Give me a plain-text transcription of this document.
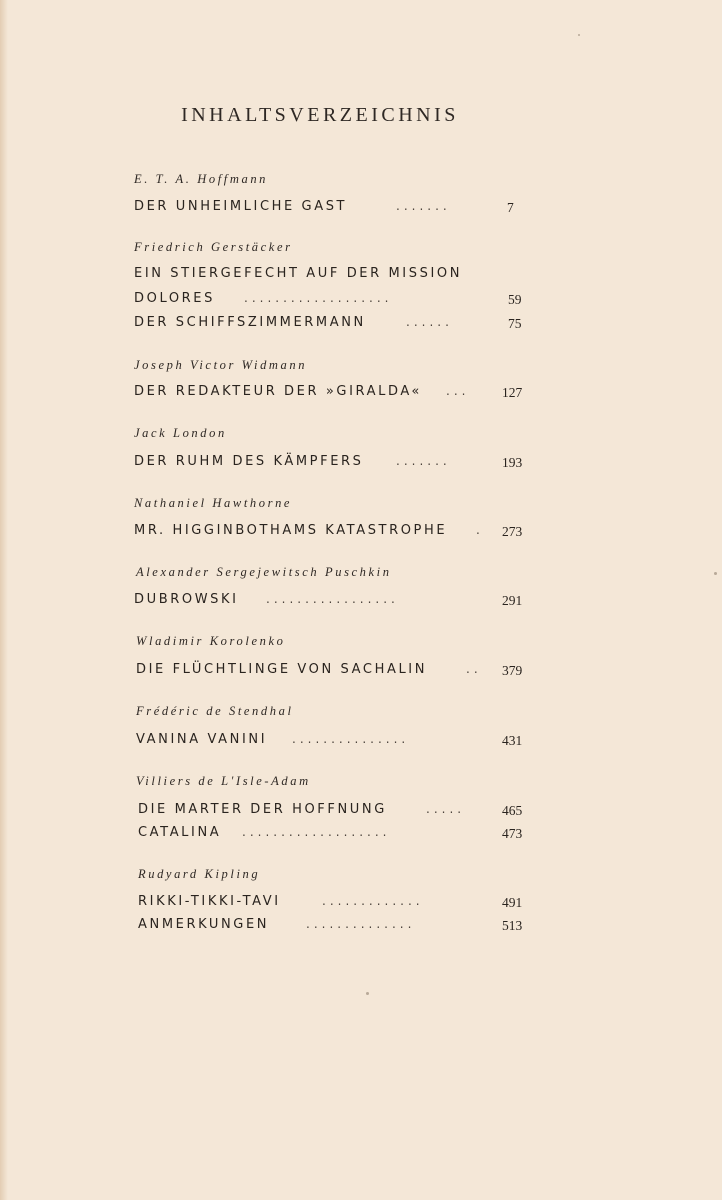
INHALTSVERZEICHNIS
E. T. A. Hoffmann
DER UNHEIMLICHE GAST	.......	7
Friedrich Gerstäcker
EIN STIERGEFECHT AUF DER MISSION
DOLORES ...................	59
DER SCHIFFSZIMMERMANN	......	75
Joseph Victor Widmann
DER REDAKTEUR DER »GIRALDA« ...	127
Jack London
DER RUHM DES KÄMPFERS	.......	193
Nathaniel Hawthorne
MR. HIGGINBOTHAMS KATASTROPHE .	273
Alexander Sergejewitsch Puschkin
DUBROWSKI .................	291
Wladimir Korolenko
DIE FLÜCHTLINGE VON SACHALIN	..	379
Frédéric de Stendhal
VANINA VANINI ...............	431
Villiers de L'Isle-Adam
DIE MARTER DER HOFFNUNG	.....	465
CATALINA ...................	473
Rudyard Kipling
RIKKI-TIKKI-TAVI	.............	491
ANMERKUNGEN	..............	513
